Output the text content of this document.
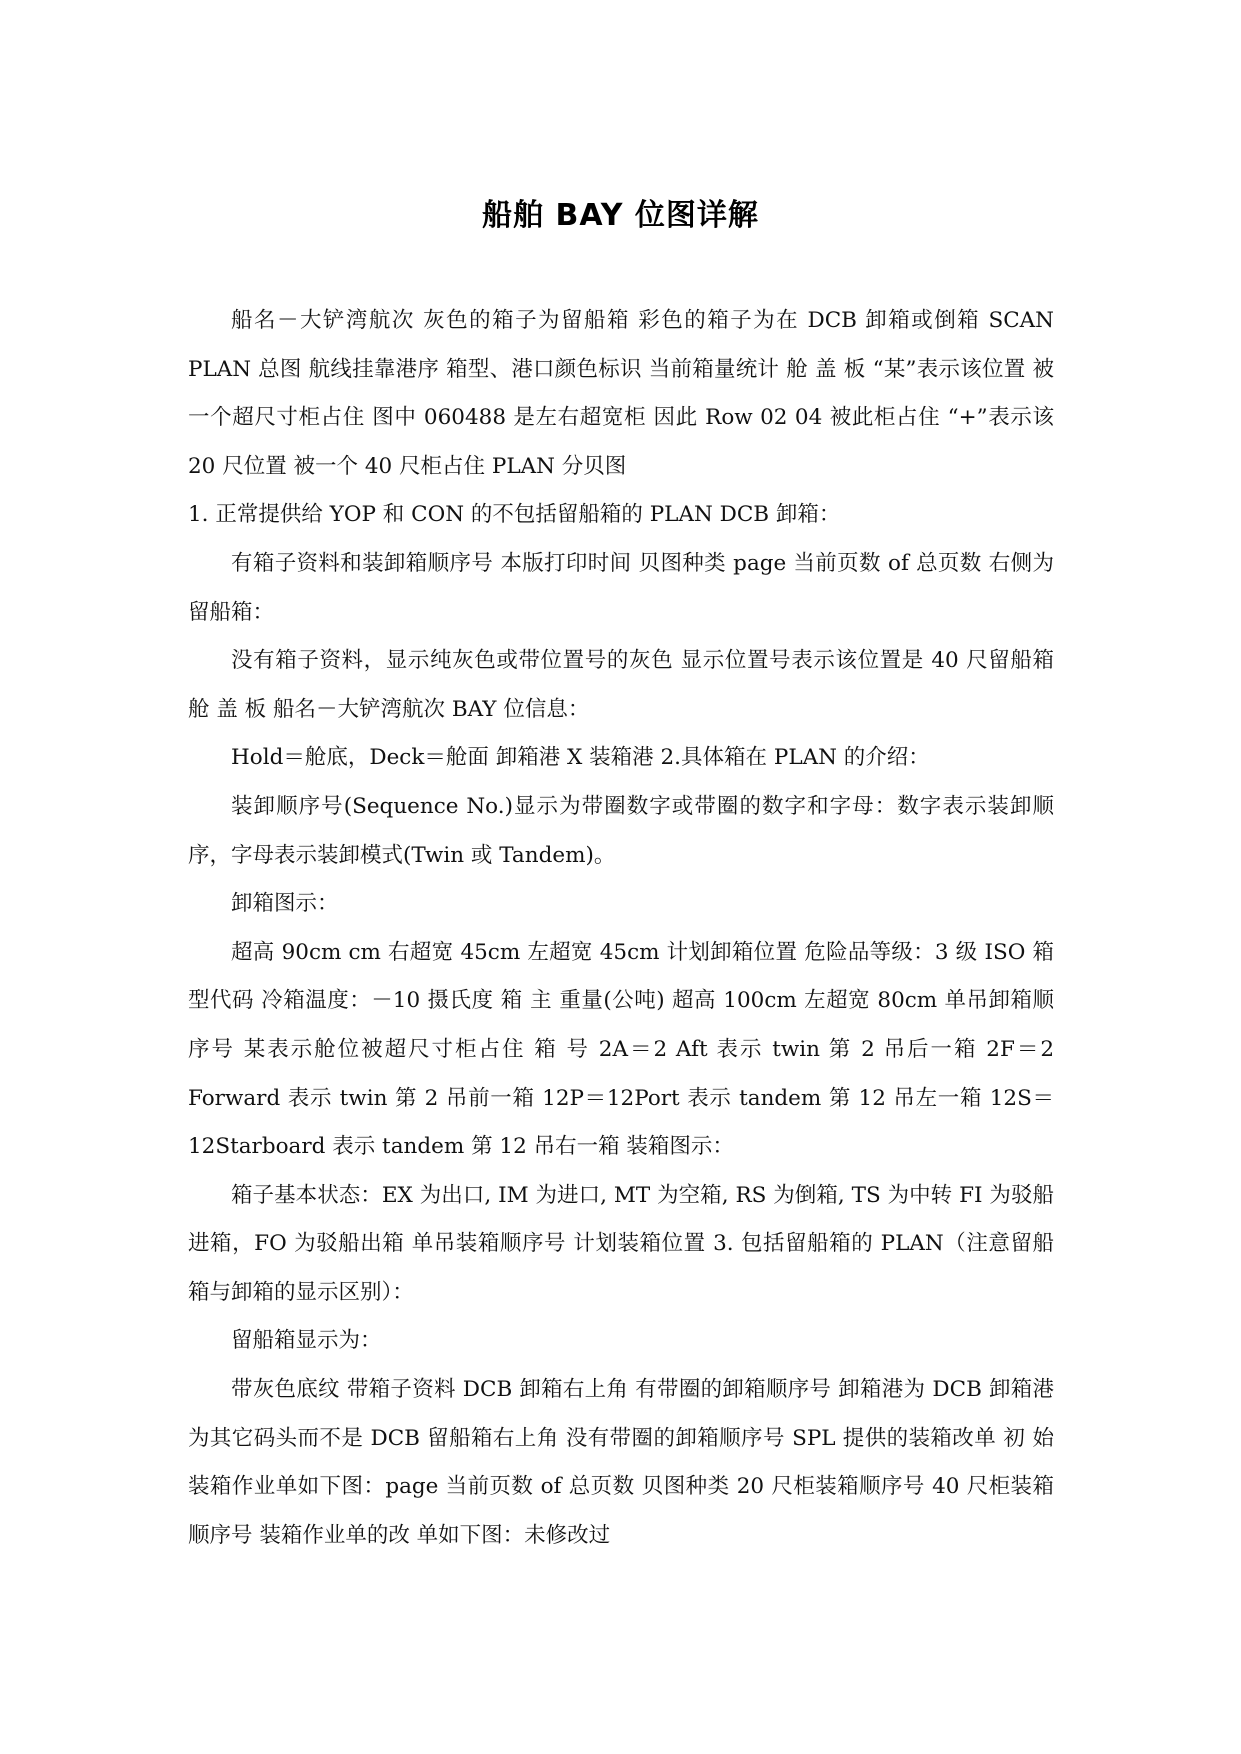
船舶 BAY 位图详解

船名－大铲湾航次 灰色的箱子为留船箱 彩色的箱子为在 DCB 卸箱或倒箱 SCAN PLAN 总图 航线挂靠港序 箱型、港口颜色标识 当前箱量统计 舱 盖 板 “某”表示该位置 被一个超尺寸柜占住 图中 060488 是左右超宽柜 因此 Row 02 04 被此柜占住 “+”表示该 20 尺位置 被一个 40 尺柜占住 PLAN 分贝图

1. 正常提供给 YOP 和 CON 的不包括留船箱的 PLAN DCB 卸箱：

有箱子资料和装卸箱顺序号 本版打印时间 贝图种类 page 当前页数 of 总页数 右侧为留船箱：

没有箱子资料，显示纯灰色或带位置号的灰色 显示位置号表示该位置是 40 尺留船箱 舱 盖 板 船名－大铲湾航次 BAY 位信息：

Hold＝舱底，Deck＝舱面 卸箱港 X 装箱港 2.具体箱在 PLAN 的介绍：

装卸顺序号(Sequence No.)显示为带圈数字或带圈的数字和字母：数字表示装卸顺序，字母表示装卸模式(Twin 或 Tandem)。

卸箱图示：

超高 90cm cm 右超宽 45cm 左超宽 45cm 计划卸箱位置 危险品等级：3 级 ISO 箱型代码 冷箱温度：－10 摄氏度 箱 主 重量(公吨) 超高 100cm 左超宽 80cm 单吊卸箱顺序号 某表示舱位被超尺寸柜占住 箱 号 2A＝2 Aft 表示 twin 第 2 吊后一箱 2F＝2 Forward 表示 twin 第 2 吊前一箱 12P＝12Port 表示 tandem 第 12 吊左一箱 12S＝12Starboard 表示 tandem 第 12 吊右一箱 装箱图示：

箱子基本状态：EX 为出口, IM 为进口, MT 为空箱, RS 为倒箱, TS 为中转 FI 为驳船进箱，FO 为驳船出箱 单吊装箱顺序号 计划装箱位置 3. 包括留船箱的 PLAN（注意留船箱与卸箱的显示区别）：

留船箱显示为：

带灰色底纹 带箱子资料 DCB 卸箱右上角 有带圈的卸箱顺序号 卸箱港为 DCB 卸箱港为其它码头而不是 DCB 留船箱右上角 没有带圈的卸箱顺序号 SPL 提供的装箱改单 初 始装箱作业单如下图：page 当前页数 of 总页数 贝图种类 20 尺柜装箱顺序号 40 尺柜装箱顺序号 装箱作业单的改 单如下图：未修改过
